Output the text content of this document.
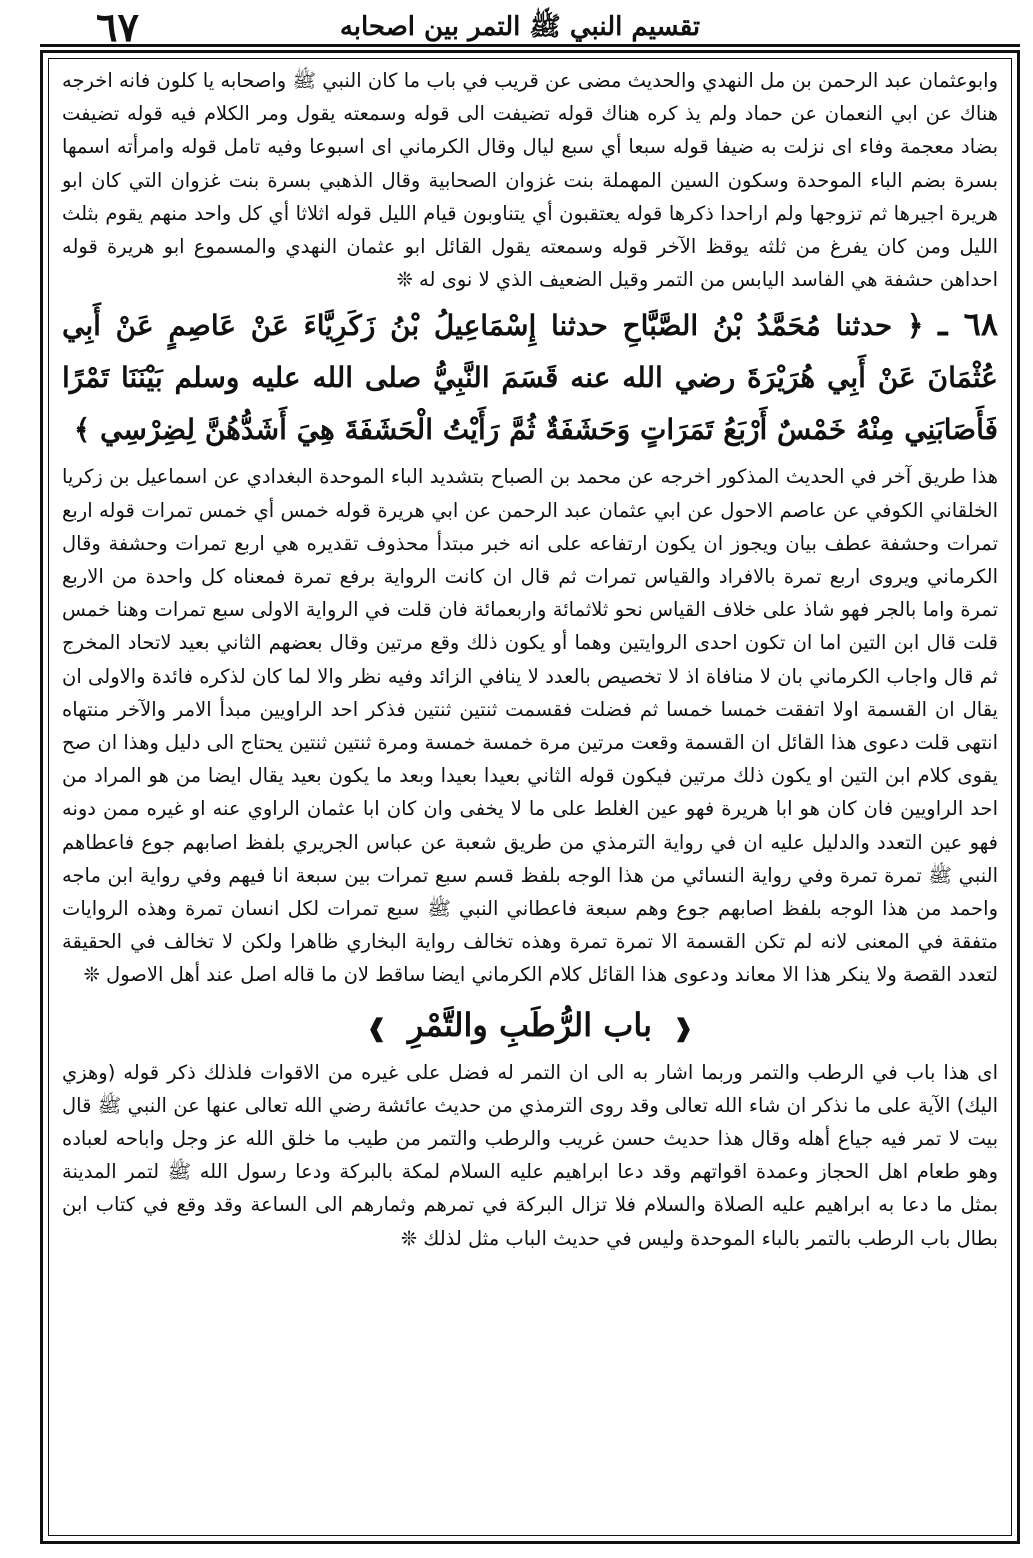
٦٧	تقسيم النبي ﷺ التمر بين اصحابه

وابوعثمان عبد الرحمن بن مل النهدي والحديث مضى عن قريب في باب ما كان النبي ﷺ واصحابه يا كلون فانه اخرجه هناك عن ابي النعمان عن حماد ولم يذ كره هناك قوله تضيفت الى قوله وسمعته يقول ومر الكلام فيه قوله تضيفت بضاد معجمة وفاء اى نزلت به ضيفا قوله سبعا أي سبع ليال وقال الكرماني اى اسبوعا وفيه تامل قوله وامرأته اسمها بسرة بضم الباء الموحدة وسكون السين المهملة بنت غزوان الصحابية وقال الذهبي بسرة بنت غزوان التي كان ابو هريرة اجيرها ثم تزوجها ولم اراحدا ذكرها قوله يعتقبون أي يتناوبون قيام الليل قوله اثلاثا أي كل واحد منهم يقوم بثلث الليل ومن كان يفرغ من ثلثه يوقظ الآخر قوله وسمعته يقول القائل ابو عثمان النهدي والمسموع ابو هريرة قوله احداهن حشفة هي الفاسد اليابس من التمر وقيل الضعيف الذي لا نوى له ❊

٦٨ ـ ﴿ حدثنا مُحَمَّدُ بْنُ الصَّبَّاحِ حدثنا إِسْمَاعِيلُ بْنُ زَكَرِيَّاءَ عَنْ عَاصِمٍ عَنْ أَبِي عُثْمَانَ عَنْ أَبِي هُرَيْرَةَ رضي الله عنه قَسَمَ النَّبِيُّ صلى الله عليه وسلم بَيْنَنَا تَمْرًا فَأَصَابَنِي مِنْهُ خَمْسٌ أَرْبَعُ تَمَرَاتٍ وَحَشَفَةٌ ثُمَّ رَأَيْتُ الْحَشَفَةَ هِيَ أَشَدُّهُنَّ لِضِرْسِي ﴾

هذا طريق آخر في الحديث المذكور اخرجه عن محمد بن الصباح بتشديد الباء الموحدة البغدادي عن اسماعيل بن زكريا الخلقاني الكوفي عن عاصم الاحول عن ابي عثمان عبد الرحمن عن ابي هريرة قوله خمس أي خمس تمرات قوله اربع تمرات وحشفة عطف بيان ويجوز ان يكون ارتفاعه على انه خبر مبتدأ محذوف تقديره هي اربع تمرات وحشفة وقال الكرماني ويروى اربع تمرة بالافراد والقياس تمرات ثم قال ان كانت الرواية برفع تمرة فمعناه كل واحدة من الاربع تمرة واما بالجر فهو شاذ على خلاف القياس نحو ثلاثمائة واربعمائة فان قلت في الرواية الاولى سبع تمرات وهنا خمس قلت قال ابن التين اما ان تكون احدى الروايتين وهما أو يكون ذلك وقع مرتين وقال بعضهم الثاني بعيد لاتحاد المخرج ثم قال واجاب الكرماني بان لا منافاة اذ لا تخصيص بالعدد لا ينافي الزائد وفيه نظر والا لما كان لذكره فائدة والاولى ان يقال ان القسمة اولا اتفقت خمسا خمسا ثم فضلت فقسمت ثنتين ثنتين فذكر احد الراويين مبدأ الامر والآخر منتهاه انتهى قلت دعوى هذا القائل ان القسمة وقعت مرتين مرة خمسة خمسة ومرة ثنتين ثنتين يحتاج الى دليل وهذا ان صح يقوى كلام ابن التين او يكون ذلك مرتين فيكون قوله الثاني بعيدا بعيدا وبعد ما يكون بعيد يقال ايضا من هو المراد من احد الراويين فان كان هو ابا هريرة فهو عين الغلط على ما لا يخفى وان كان ابا عثمان الراوي عنه او غيره ممن دونه فهو عين التعدد والدليل عليه ان في رواية الترمذي من طريق شعبة عن عباس الجريري بلفظ اصابهم جوع فاعطاهم النبي ﷺ تمرة تمرة وفي رواية النسائي من هذا الوجه بلفظ قسم سبع تمرات بين سبعة انا فيهم وفي رواية ابن ماجه واحمد من هذا الوجه بلفظ اصابهم جوع وهم سبعة فاعطاني النبي ﷺ سبع تمرات لكل انسان تمرة وهذه الروايات متفقة في المعنى لانه لم تكن القسمة الا تمرة تمرة وهذه تخالف رواية البخاري ظاهرا ولكن لا تخالف في الحقيقة لتعدد القصة ولا ينكر هذا الا معاند ودعوى هذا القائل كلام الكرماني ايضا ساقط لان ما قاله اصل عند أهل الاصول ❊

❰ باب الرُّطَبِ والتَّمْرِ ❱

اى هذا باب في الرطب والتمر وربما اشار به الى ان التمر له فضل على غيره من الاقوات فلذلك ذكر قوله (وهزي اليك) الآية على ما نذكر ان شاء الله تعالى وقد روى الترمذي من حديث عائشة رضي الله تعالى عنها عن النبي ﷺ قال بيت لا تمر فيه جياع أهله وقال هذا حديث حسن غريب والرطب والتمر من طيب ما خلق الله عز وجل واباحه لعباده وهو طعام اهل الحجاز وعمدة اقواتهم وقد دعا ابراهيم عليه السلام لمكة بالبركة ودعا رسول الله ﷺ لتمر المدينة بمثل ما دعا به ابراهيم عليه الصلاة والسلام فلا تزال البركة في تمرهم وثمارهم الى الساعة وقد وقع في كتاب ابن بطال باب الرطب بالتمر بالباء الموحدة وليس في حديث الباب مثل لذلك ❊
